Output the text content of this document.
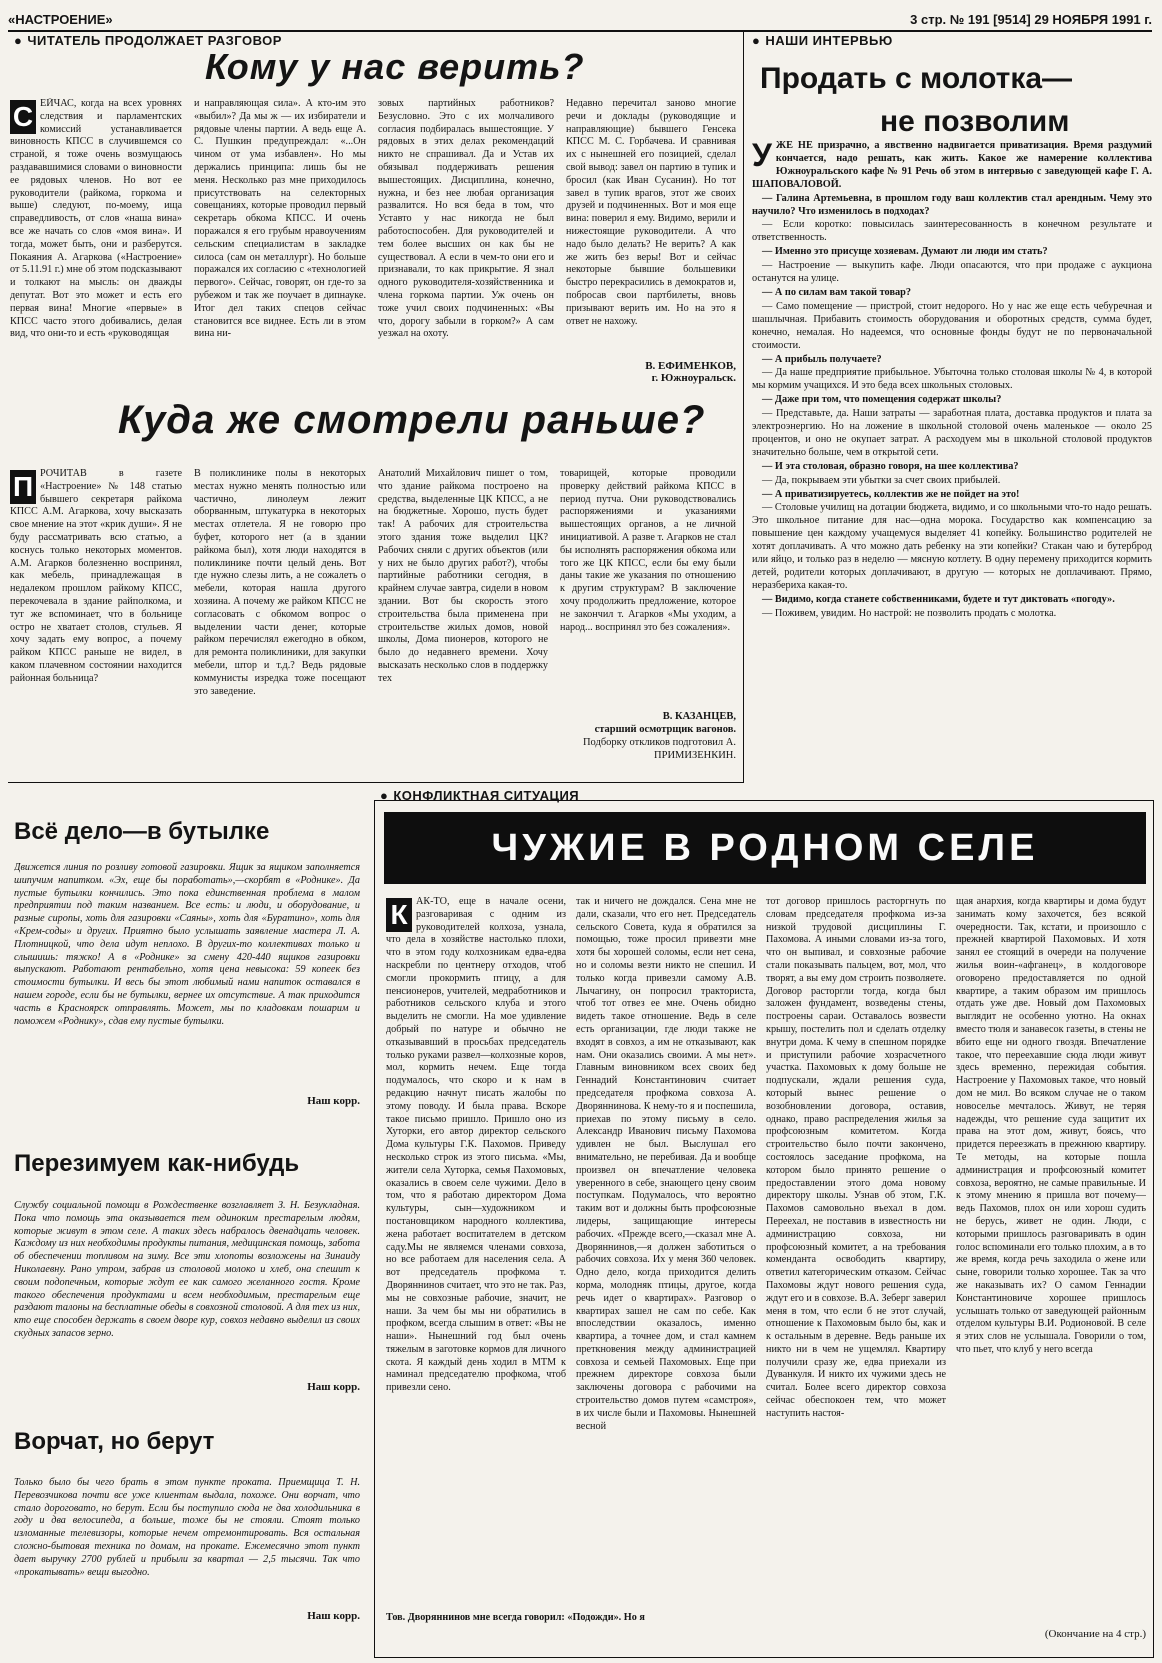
«НАСТРОЕНИЕ»	3 стр. № 191 [9514] 29 НОЯБРЯ 1991 г.
● ЧИТАТЕЛЬ ПРОДОЛЖАЕТ РАЗГОВОР
Кому у нас верить?
С ЕЙЧАС, когда на всех уровнях следствия и парламентских комиссий устанавливается виновность КПСС в случившемся со страной, я тоже очень возмущаюсь раздававшимися словами о виновности ее рядовых членов. Но вот ее руководители (райкома, горкома и выше) следуют, по-моему, ища справедливость, от слов «наша вина» все же начать со слов «моя вина». И тогда, может быть, они и разберутся. Покаяния А. Агаркова («Настроение» от 5.11.91 г.) мне об этом подсказывают и толкают на мысль: он дважды депутат. Вот это может и есть его первая вина! Многие «первые» в КПСС часто этого добивались, делая вид, что они-то и есть «руководящая
и направляющая сила». А кто-им это «выбил»? Да мы ж — их избиратели и рядовые члены партии. А ведь еще А. С. Пушкин предупреждал: «...Он чином от ума избавлен». Но мы держались принципа: лишь бы не меня. Несколько раз мне приходилось присутствовать на селекторных совещаниях, которые проводил первый секретарь обкома КПСС. И очень поражался я его грубым нравоучениям сельским специалистам в закладке силоса (сам он металлург). Но больше поражался их согласию с «технологией первого». Сейчас, говорят, он где-то за рубежом и так же поучает в дипнауке. Итог дел таких спецов сейчас становится все виднее. Есть ли в этом вина ни-
зовых партийных работников? Безусловно. Это с их молчаливого согласия подбиралась вышестоящие. У рядовых в этих делах рекомендаций никто не спрашивал. Да и Устав их обязывал поддерживать решения вышестоящих. Дисциплина, конечно, нужна, и без нее любая организация развалится. Но вся беда в том, что Уставто у нас никогда не был работоспособен. Для руководителей и тем более высших он как бы не существовал. А если в чем-то они его и признавали, то как прикрытие. Я знал одного руководителя-хозяйственника и члена горкома партии. Уж очень он тоже учил своих подчиненных: «Вы что, дорогу забыли в горком?» А сам уезжал на охоту.
Недавно перечитал заново многие речи и доклады (руководящие и направляющие) бывшего Генсека КПСС М. С. Горбачева. И сравнивая их с нынешней его позицией, сделал свой вывод: завел он партию в тупик и бросил (как Иван Сусанин). Но тот завел в тупик врагов, этот же своих друзей и подчиненных. Вот и моя еще вина: поверил я ему. Видимо, верили и нижестоящие руководители. А что надо было делать? Не верить? А как же жить без веры! Вот и сейчас некоторые бывшие большевики быстро перекрасились в демократов и, побросав свои партбилеты, вновь призывают верить им. Но на это я ответ не нахожу.
В. ЕФИМЕНКОВ,
г. Южноуральск.
Куда же смотрели раньше?
П РОЧИТАВ в газете «Настроение» № 148 статью бывшего секретаря райкома КПСС А.М. Агаркова, хочу высказать свое мнение на этот «крик души». Я не буду рассматривать всю статью, а коснусь только некоторых моментов. А.М. Агарков болезненно воспринял, как мебель, принадлежащая в недалеком прошлом райкому КПСС, перекочевала в здание райполкома, и тут же вспоминает, что в больнице остро не хватает столов, стульев. Я хочу задать ему вопрос, а почему райком КПСС раньше не видел, в каком плачевном состоянии находится районная больница?
В поликлинике полы в некоторых местах нужно менять полностью или частично, линолеум лежит оборванным, штукатурка в некоторых местах отлетела. Я не говорю про буфет, которого нет (а в здании райкома был), хотя люди находятся в поликлинике почти целый день. Вот где нужно слезы лить, а не сожалеть о мебели, которая нашла другого хозяина. А почему же райком КПСС не согласовать с обкомом вопрос о выделении части денег, которые райком перечислял ежегодно в обком, для ремонта поликлиники, для закупки мебели, штор и т.д.? Ведь рядовые коммунисты изредка тоже посещают это заведение.
Анатолий Михайлович пишет о том, что здание райкома построено на средства, выделенные ЦК КПСС, а не на бюджетные. Хорошо, пусть будет так! А рабочих для строительства этого здания тоже выделил ЦК? Рабочих сняли с других объектов (или у них не было других работ?), чтобы партийные работники сегодня, в крайнем случае завтра, сидели в новом здании. Вот бы скорость этого строительства была применена при строительстве жилых домов, новой школы, Дома пионеров, которого не было до недавнего времени. Хочу высказать несколько слов в поддержку тех
товарищей, которые проводили проверку действий райкома КПСС в период путча. Они руководствовались распоряжениями и указаниями вышестоящих органов, а не личной инициативой. А разве т. Агарков не стал бы исполнять распоряжения обкома или того же ЦК КПСС, если бы ему были даны такие же указания по отношению к другим структурам? В заключение хочу продолжить предложение, которое не закончил т. Агарков «Мы уходим, а народ... воспринял это без сожаления».
В. КАЗАНЦЕВ,
старший осмотрщик вагонов.
Подборку откликов подготовил А. ПРИМИЗЕНКИН.
● НАШИ ИНТЕРВЬЮ
Продать с молотка—
не позволим

У ЖЕ НЕ призрачно, а явственно надвигается приватизация. Время раздумий кончается, надо решать, как жить. Какое же намерение коллектива Южноуральского кафе № 91 Речь об этом в интервью с заведующей кафе Г. А. ШАПОВАЛОВОЙ.

— Галина Артемьевна, в прошлом году ваш коллектив стал арендным. Чему это научило? Что изменилось в подходах?

— Если коротко: повысилась заинтересованность в конечном результате и ответственность.

— Именно это присуще хозяевам. Думают ли люди им стать?

— Настроение — выкупить кафе. Люди опасаются, что при продаже с аукциона останутся на улице.

— А по силам вам такой товар?

— Само помещение — пристрой, стоит недорого. Но у нас же еще есть чебуречная и шашлычная. Прибавить стоимость оборудования и оборотных средств, сумма будет, конечно, немалая. Но надеемся, что основные фонды будут не по первоначальной стоимости.

— А прибыль получаете?

— Да наше предприятие прибыльное. Убыточна только столовая школы № 4, в которой мы кормим учащихся. И это беда всех школьных столовых.

— Даже при том, что помещения содержат школы?

— Представьте, да. Наши затраты — заработная плата, доставка продуктов и плата за электроэнергию. Но на ложение в школьной столовой очень маленькое — около 25 процентов, и оно не окупает затрат. А расходуем мы в школьной столовой продуктов значительно больше, чем в открытой сети.

— И эта столовая, образно говоря, на шее коллектива?

— Да, покрываем эти убытки за счет своих прибылей.

— А приватизируетесь, коллектив же не пойдет на это!

— Столовые училищ на дотации бюджета, видимо, и со школьными что-то надо решать. Это школьное питание для нас—одна морока. Государство как компенсацию за повышение цен каждому учащемуся выделяет 41 копейку. Большинство родителей не хотят доплачивать. А что можно дать ребенку на эти копейки? Стакан чаю и бутерброд или яйцо, и только раз в неделю — мясную котлету. В одну перемену приходится кормить детей, родители которых доплачивают, в другую — которых не доплачивают. Прямо, неразбериха какая-то.

— Видимо, когда станете собственниками, будете и тут диктовать «погоду».

— Поживем, увидим. Но настрой: не позволить продать с молотка.

Всё дело—в бутылке
Движется линия по розливу готовой газировки. Ящик за ящиком заполняется шипучим напитком. «Эх, еще бы поработать»,—скорбят в «Роднике». Да пустые бутылки кончились. Это пока единственная проблема в малом предприятии под таким названием. Все есть: и люди, и оборудование, и разные сиропы, хоть для газировки «Саяны», хоть для «Буратино», хоть для «Крем-соды» и других. Приятно было услышать заявление мастера Л. А. Плотницкой, что дела идут неплохо. В других-то коллективах только и слышишь: тяжко! А в «Роднике» за смену 420-440 ящиков газировки выпускают. Работают рентабельно, хотя цена невысока: 59 копеек без стоимости бутылки. И весь бы этот любимый нами напиток оставался в нашем городе, если бы не бутылки, вернее их отсутствие. А так приходится часть в Красноярск отправлять. Может, мы по кладовкам пошарим и поможем «Роднику», сдав ему пустые бутылки.
Наш корр.
Перезимуем как-нибудь
Службу социальной помощи в Рождественке возглавляет З. Н. Безукладная. Пока что помощь эта оказывается тем одиноким престарелым людям, которые живут в этом селе. А таких здесь набралось двенадцать человек. Каждому из них необходимы продукты питания, медицинская помощь, забота об обеспечении топливом на зиму. Все эти хлопоты возложены на Зинаиду Николаевну. Рано утром, забрав из столовой молоко и хлеб, она спешит к своим подопечным, которые ждут ее как самого желанного гостя. Кроме такого обеспечения продуктами и всем необходимым, престарелым еще раздают талоны на бесплатные обеды в совхозной столовой. А для тех из них, кто еще способен держать в своем дворе кур, совхоз недавно выделил из своих скудных запасов зерно.
Наш корр.
Ворчат, но берут
Только было бы чего брать в этом пункте проката. Приемщица Т. Н. Перевозчикова почти все уже клиентам выдала, похоже. Они ворчат, что стало дороговато, но берут. Если бы поступило сюда не два холодильника в году и два велосипеда, а больше, тоже бы не стояли. Стоят только изломанные телевизоры, которые нечем отремонтировать. Вся остальная сложно-бытовая техника по домам, на прокате. Ежемесячно этот пункт дает выручку 2700 рублей и прибыли за квартал — 2,5 тысячи. Так что «прокатывать» вещи выгодно.
Наш корр.
● КОНФЛИКТНАЯ СИТУАЦИЯ
ЧУЖИЕ В РОДНОМ СЕЛЕ
К АК-ТО, еще в начале осени, разговаривая с одним из руководителей колхоза, узнала, что дела в хозяйстве настолько плохи, что в этом году колхозникам едва-едва наскребли по центнеру отходов, чтоб смогли прокормить птицу, а для пенсионеров, учителей, медработников и работников сельского клуба и этого выделить не смогли. На мое удивление добрый по натуре и обычно не отказывавший в просьбах председатель только руками развел—колхозные коров, мол, кормить нечем. Еще тогда подумалось, что скоро и к нам в редакцию начнут писать жалобы по этому поводу. И была права. Вскоре такое письмо пришло. Пришло оно из Хуторки, его автор директор сельского Дома культуры Г.К. Пахомов. Приведу несколько строк из этого письма. «Мы, жители села Хуторка, семья Пахомовых, оказались в своем селе чужими. Дело в том, что я работаю директором Дома культуры, сын—художником и постановщиком народного коллектива, жена работает воспитателем в детском саду.Мы не являемся членами совхоза, но все работаем для населения села. А вот председатель профкома т. Дворяннинов считает, что это не так. Раз, мы не совхозные рабочие, значит, не наши. За чем бы мы ни обратились в профком, всегда слышим в ответ: «Вы не наши». Нынешний год был очень тяжелым в заготовке кормов для личного скота. Я каждый день ходил в МТМ к наминал председателю профкома, чтоб привезли сено.
так и ничего не дождался. Сена мне не дали, сказали, что его нет. Председатель сельского Совета, куда я обратился за помощью, тоже просил привезти мне хотя бы хорошей соломы, если нет сена, но и соломы везти никто не спешил. И только когда привезли самому А.В. Лычагину, он попросил тракториста, чтоб тот отвез ее мне. Очень обидно видеть такое отношение. Ведь в селе есть организации, где люди также не входят в совхоз, а им не отказывают, как нам. Они оказались своими. А мы нет». Главным виновником всех своих бед Геннадий Константинович считает председателя профкома совхоза А. Дворяннинова. К нему-то я и поспешила, приехав по этому письму в село. Александр Иванович письму Пахомова удивлен не был. Выслушал его внимательно, не перебивая. Да и вообще произвел он впечатление человека уверенного в себе, знающего цену своим поступкам. Подумалось, что вероятно таким вот и должны быть профсоюзные лидеры, защищающие интересы рабочих. «Прежде всего,—сказал мне А. Дворяннинов,—я должен заботиться о рабочих совхоза. Их у меня 360 человек. Одно дело, когда приходится делить корма, молодняк птицы, другое, когда речь идет о квартирах». Разговор о квартирах зашел не сам по себе. Как впоследствии оказалось, именно квартира, а точнее дом, и стал камнем преткновения между администрацией совхоза и семьей Пахомовых. Еще при прежнем директоре совхоза были заключены договора с рабочими на строительство домов путем «самстроя», в их числе были и Пахомовы. Нынешней весной
тот договор пришлось расторгнуть по словам председателя профкома из-за низкой трудовой дисциплины Г. Пахомова. А иными словами из-за того, что он выпивал, и совхозные рабочие стали показывать пальцем, вот, мол, что творят, а вы ему дом строить позволяете. Договор расторгли тогда, когда был заложен фундамент, возведены стены, построены сараи. Оставалось возвести крышу, постелить пол и сделать отделку внутри дома. К чему в спешном порядке и приступили рабочие хозрасчетного участка. Пахомовых к дому больше не подпускали, ждали решения суда, который вынес решение о возобновлении договора, оставив, однако, право распределения жилья за профсоюзным комитетом. Когда строительство было почти закончено, состоялось заседание профкома, на котором было принято решение о предоставлении этого дома новому директору школы. Узнав об этом, Г.К. Пахомов самовольно въехал в дом. Переехал, не поставив в известность ни администрацию совхоза, ни профсоюзный комитет, а на требования коменданта освободить квартиру, ответил категорическим отказом. Сейчас Пахомовы ждут нового решения суда, ждут его и в совхозе. В.А. Зеберг заверил меня в том, что если б не этот случай, отношение к Пахомовым было бы, как и к остальным в деревне. Ведь раньше их никто ни в чем не ущемлял. Квартиру получили сразу же, едва приехали из Дуванкуля. И никто их чужими здесь не считал. Более всего директор совхоза сейчас обеспокоен тем, что может наступить настоя-
щая анархия, когда квартиры и дома будут занимать кому захочется, без всякой очередности. Так, кстати, и произошло с прежней квартирой Пахомовых. И хотя занял ее стоящий в очереди на получение жилья воин-«афганец», в колдоговоре оговорено предоставляется по одной квартире, а таким образом им пришлось отдать уже две. Новый дом Пахомовых выглядит не особенно уютно. На окнах вместо тюля и занавесок газеты, в стены не вбито еще ни одного гвоздя. Впечатление такое, что переехавшие сюда люди живут здесь временно, пережидая события. Настроение у Пахомовых такое, что новый дом не мил. Во всяком случае не о таком новоселье мечталось. Живут, не теряя надежды, что решение суда защитит их права на этот дом, живут, боясь, что придется переезжать в прежнюю квартиру. Те методы, на которые пошла администрация и профсоюзный комитет совхоза, вероятно, не самые правильные. И к этому мнению я пришла вот почему—ведь Пахомов, плох он или хорош судить не берусь, живет не один. Люди, с которыми пришлось разговаривать в один голос вспоминали его только плохим, а в то же время, когда речь заходила о жене или сыне, говорили только хорошее. Так за что же наказывать их? О самом Геннадии Константиновиче хорошее пришлось услышать только от заведующей районным отделом культуры В.И. Родионовой. В селе я этих слов не услышала. Говорили о том, что пьет, что клуб у него всегда
Тов. Дворяннинов мне всегда говорил: «Подожди». Но я
(Окончание на 4 стр.)
